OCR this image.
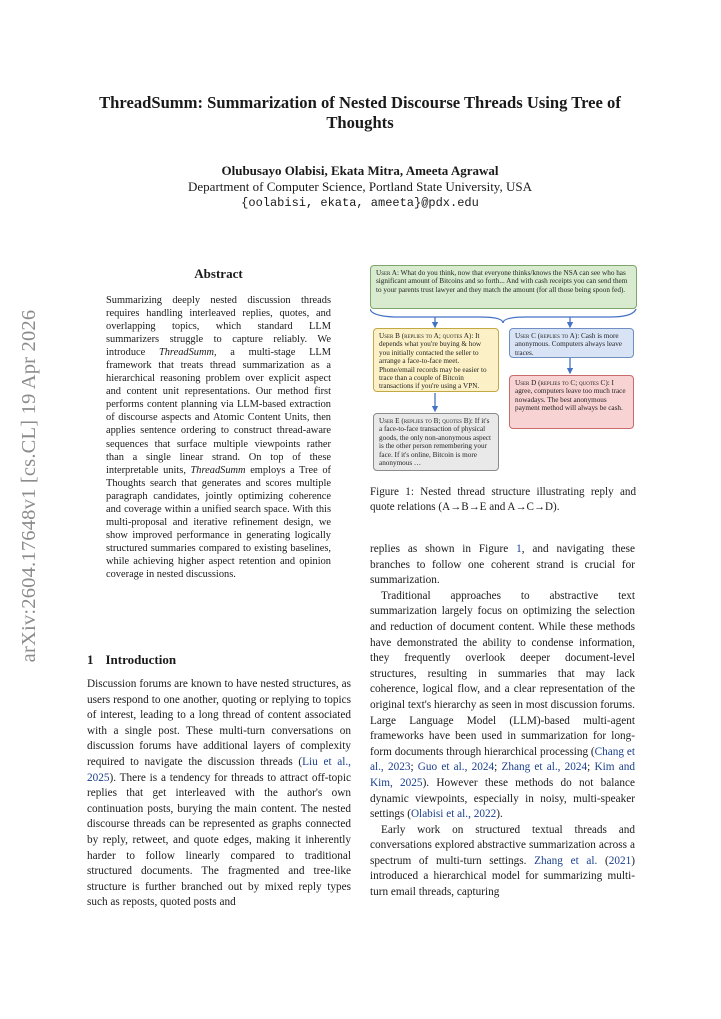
arXiv:2604.17648v1 [cs.CL] 19 Apr 2026
ThreadSumm: Summarization of Nested Discourse Threads Using Tree of Thoughts
Olubusayo Olabisi, Ekata Mitra, Ameeta Agrawal
Department of Computer Science, Portland State University, USA
{oolabisi, ekata, ameeta}@pdx.edu
Abstract
Summarizing deeply nested discussion threads requires handling interleaved replies, quotes, and overlapping topics, which standard LLM summarizers struggle to capture reliably. We introduce ThreadSumm, a multi-stage LLM framework that treats thread summarization as a hierarchical reasoning problem over explicit aspect and content unit representations. Our method first performs content planning via LLM-based extraction of discourse aspects and Atomic Content Units, then applies sentence ordering to construct thread-aware sequences that surface multiple viewpoints rather than a single linear strand. On top of these interpretable units, ThreadSumm employs a Tree of Thoughts search that generates and scores multiple paragraph candidates, jointly optimizing coherence and coverage within a unified search space. With this multi-proposal and iterative refinement design, we show improved performance in generating logically structured summaries compared to existing baselines, while achieving higher aspect retention and opinion coverage in nested discussions.
1 Introduction
Discussion forums are known to have nested structures, as users respond to one another, quoting or replying to topics of interest, leading to a long thread of content associated with a single post. These multi-turn conversations on discussion forums have additional layers of complexity required to navigate the discussion threads (Liu et al., 2025). There is a tendency for threads to attract off-topic replies that get interleaved with the author's own continuation posts, burying the main content. The nested discourse threads can be represented as graphs connected by reply, retweet, and quote edges, making it inherently harder to follow linearly compared to traditional structured documents. The fragmented and tree-like structure is further branched out by mixed reply types such as reposts, quoted posts and
User A: What do you think, now that everyone thinks/knows the NSA can see who has significant amount of Bitcoins and so forth... And with cash receipts you can send them to your parents trust lawyer and they match the amount (for all those being spoon fed).
User B (replies to A; quotes A): It depends what you're buying & how you initially contacted the seller to arrange a face-to-face meet. Phone/email records may be easier to trace than a couple of Bitcoin transactions if you're using a VPN.
User C (replies to A): Cash is more anonymous. Computers always leave traces.
User D (replies to C; quotes C): I agree, computers leave too much trace nowadays. The best anonymous payment method will always be cash.
User E (replies to B; quotes B): If it's a face-to-face transaction of physical goods, the only non-anonymous aspect is the other person remembering your face. If it's online, Bitcoin is more anonymous …
Figure 1: Nested thread structure illustrating reply and quote relations (A→B→E and A→C→D).

replies as shown in Figure 1, and navigating these branches to follow one coherent strand is crucial for summarization.

Traditional approaches to abstractive text summarization largely focus on optimizing the selection and reduction of document content. While these methods have demonstrated the ability to condense information, they frequently overlook deeper document-level structures, resulting in summaries that may lack coherence, logical flow, and a clear representation of the original text's hierarchy as seen in most discussion forums. Large Language Model (LLM)-based multi-agent frameworks have been used in summarization for long-form documents through hierarchical processing (Chang et al., 2023; Guo et al., 2024; Zhang et al., 2024; Kim and Kim, 2025). However these methods do not balance dynamic viewpoints, especially in noisy, multi-speaker settings (Olabisi et al., 2022).

Early work on structured textual threads and conversations explored abstractive summarization across a spectrum of multi-turn settings. Zhang et al. (2021) introduced a hierarchical model for summarizing multi-turn email threads, capturing
